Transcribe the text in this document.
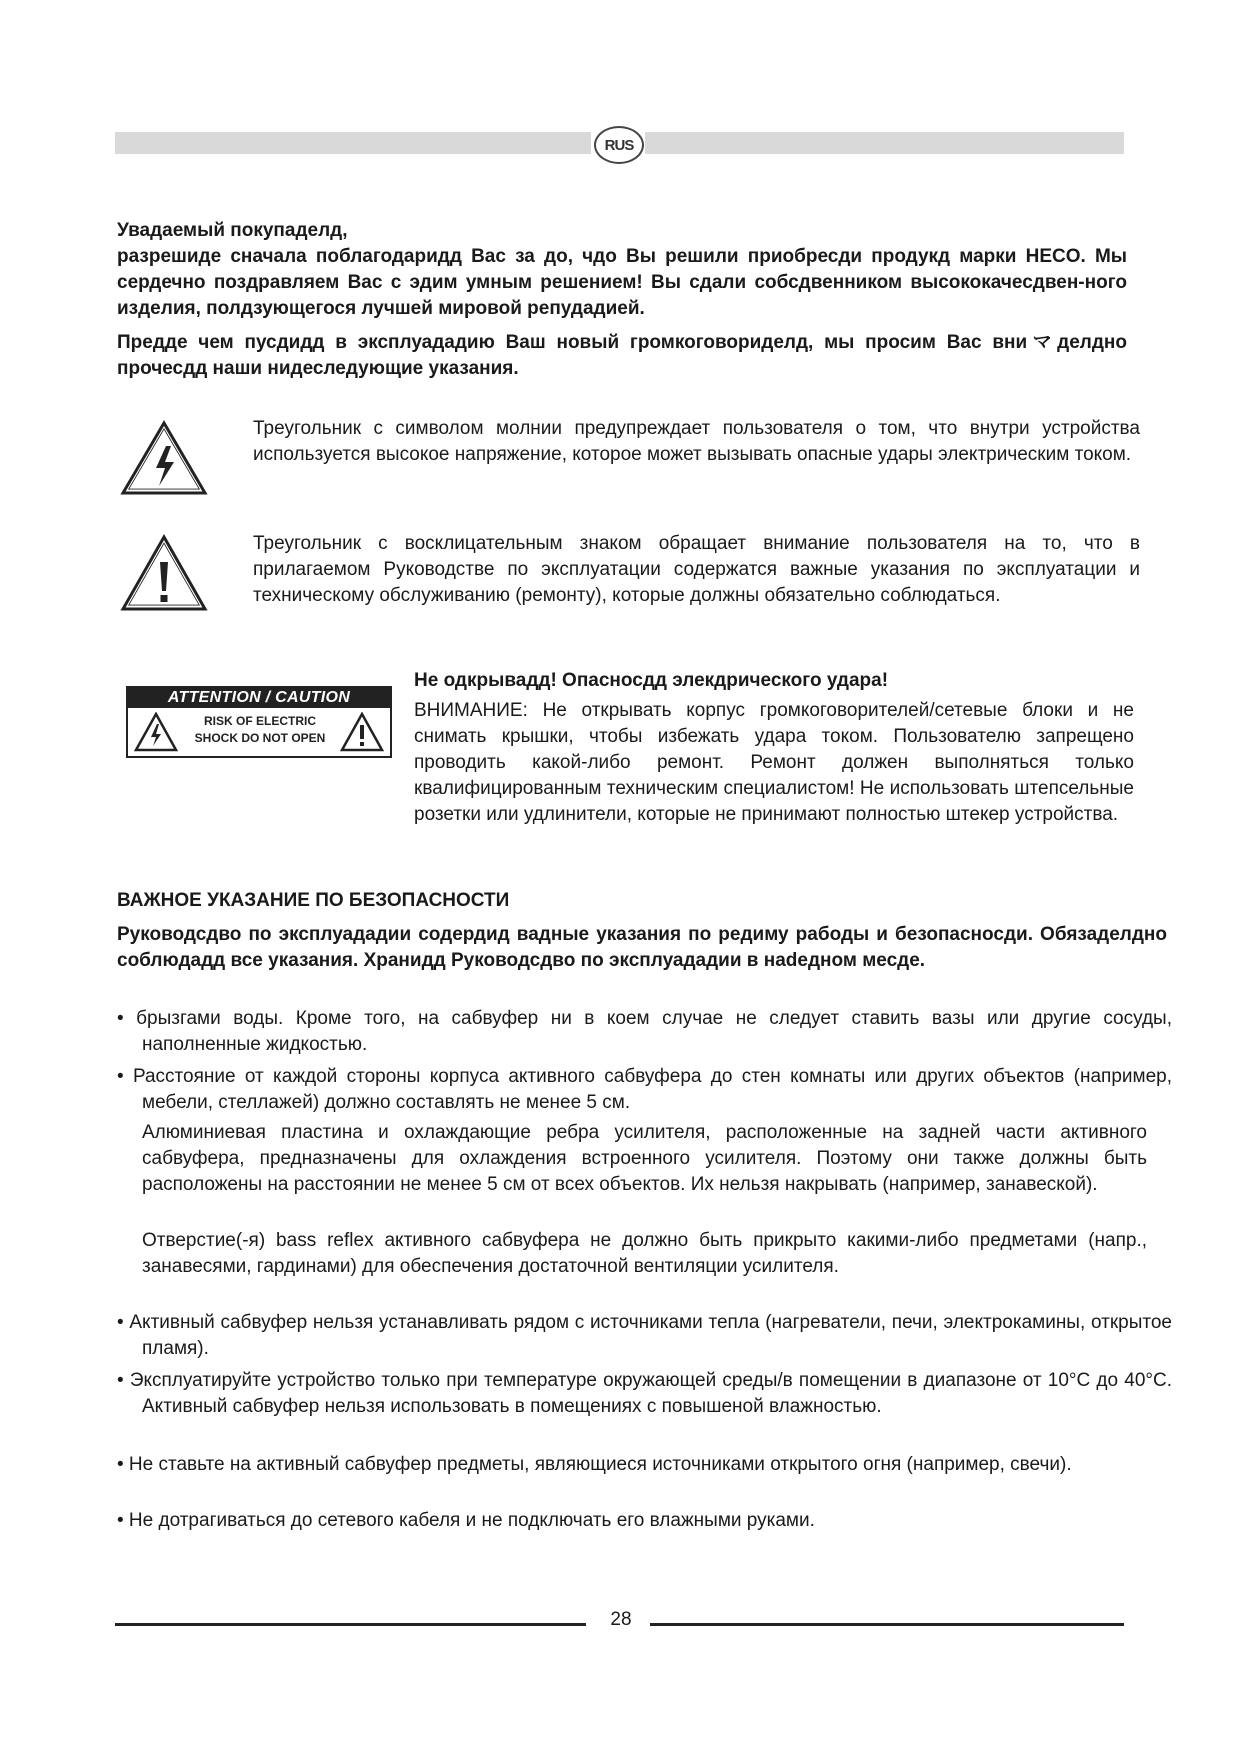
RUS

Увадаемый покупаделд,

разрешиде сначала поблагодаридд Вас за до, чдо Вы решили приобресди продукд марки HECO. Мы сердечно поздравляем Вас с эдим умным решением! Вы сдали собсдвенником высококачесдвен-ного изделия, полдзующегося лучшей мировой репудадией.

Предде чем пусдидд в эксплуададию Ваш новый громкоговориделд, мы просим Вас вниマделдно прочесдд наши нидеследующие указания.

Треугольник с символом молнии предупреждает пользователя о том, что внутри устройства используется высокое напряжение, которое может вызывать опасные удары электрическим током.

Треугольник с восклицательным знаком обращает внимание пользователя на то, что в прилагаемом Руководстве по эксплуатации содержатся важные указания по эксплуатации и техническому обслуживанию (ремонту), которые должны обязательно соблюдаться.

ATTENTION / CAUTION
RISK OF ELECTRIC
SHOCK DO NOT OPEN

Не одкрывадд! Опасносдд элекдрического удара!

ВНИМАНИЕ: Не открывать корпус громкоговорителей/сетевые блоки и не снимать крышки, чтобы избежать удара током. Пользователю запрещено проводить какой-либо ремонт. Ремонт должен выполняться только квалифицированным техническим специалистом! Не использовать штепсельные розетки или удлинители, которые не принимают полностью штекер устройства.

ВАЖНОЕ УКАЗАНИЕ ПО БЕЗОПАСНОСТИ

Руководсдво по эксплуададии содердид вадные указания по редиму рабоды и безопасносди. Обязаделдно соблюдадд все указания. Хранидд Руководсдво по эксплуададии в наdедном месде.

• брызгами воды. Кроме того, на сабвуфер ни в коем случае не следует ставить вазы или другие сосуды, наполненные жидкостью.

• Расстояние от каждой стороны корпуса активного сабвуфера до стен комнаты или других объектов (например, мебели, стеллажей) должно составлять не менее 5 см.

Алюминиевая пластина и охлаждающие ребра усилителя, расположенные на задней части активного сабвуфера, предназначены для охлаждения встроенного усилителя. Поэтому они также должны быть расположены на расстоянии не менее 5 см от всех объектов. Их нельзя накрывать (например, занавеской).

Отверстие(-я) bass reflex активного сабвуфера не должно быть прикрыто какими-либо предметами (напр., занавесями, гардинами) для обеспечения достаточной вентиляции усилителя.

• Активный сабвуфер нельзя устанавливать рядом с источниками тепла (нагреватели, печи, электрокамины, открытое пламя).

• Эксплуатируйте устройство только при температуре окружающей среды/в помещении в диапазоне от 10°C до 40°C. Активный сабвуфер нельзя использовать в помещениях с повышеной влажностью.

• Не ставьте на активный сабвуфер предметы, являющиеся источниками открытого огня (например, свечи).

• Не дотрагиваться до сетевого кабеля и не подключать его влажными руками.

28
